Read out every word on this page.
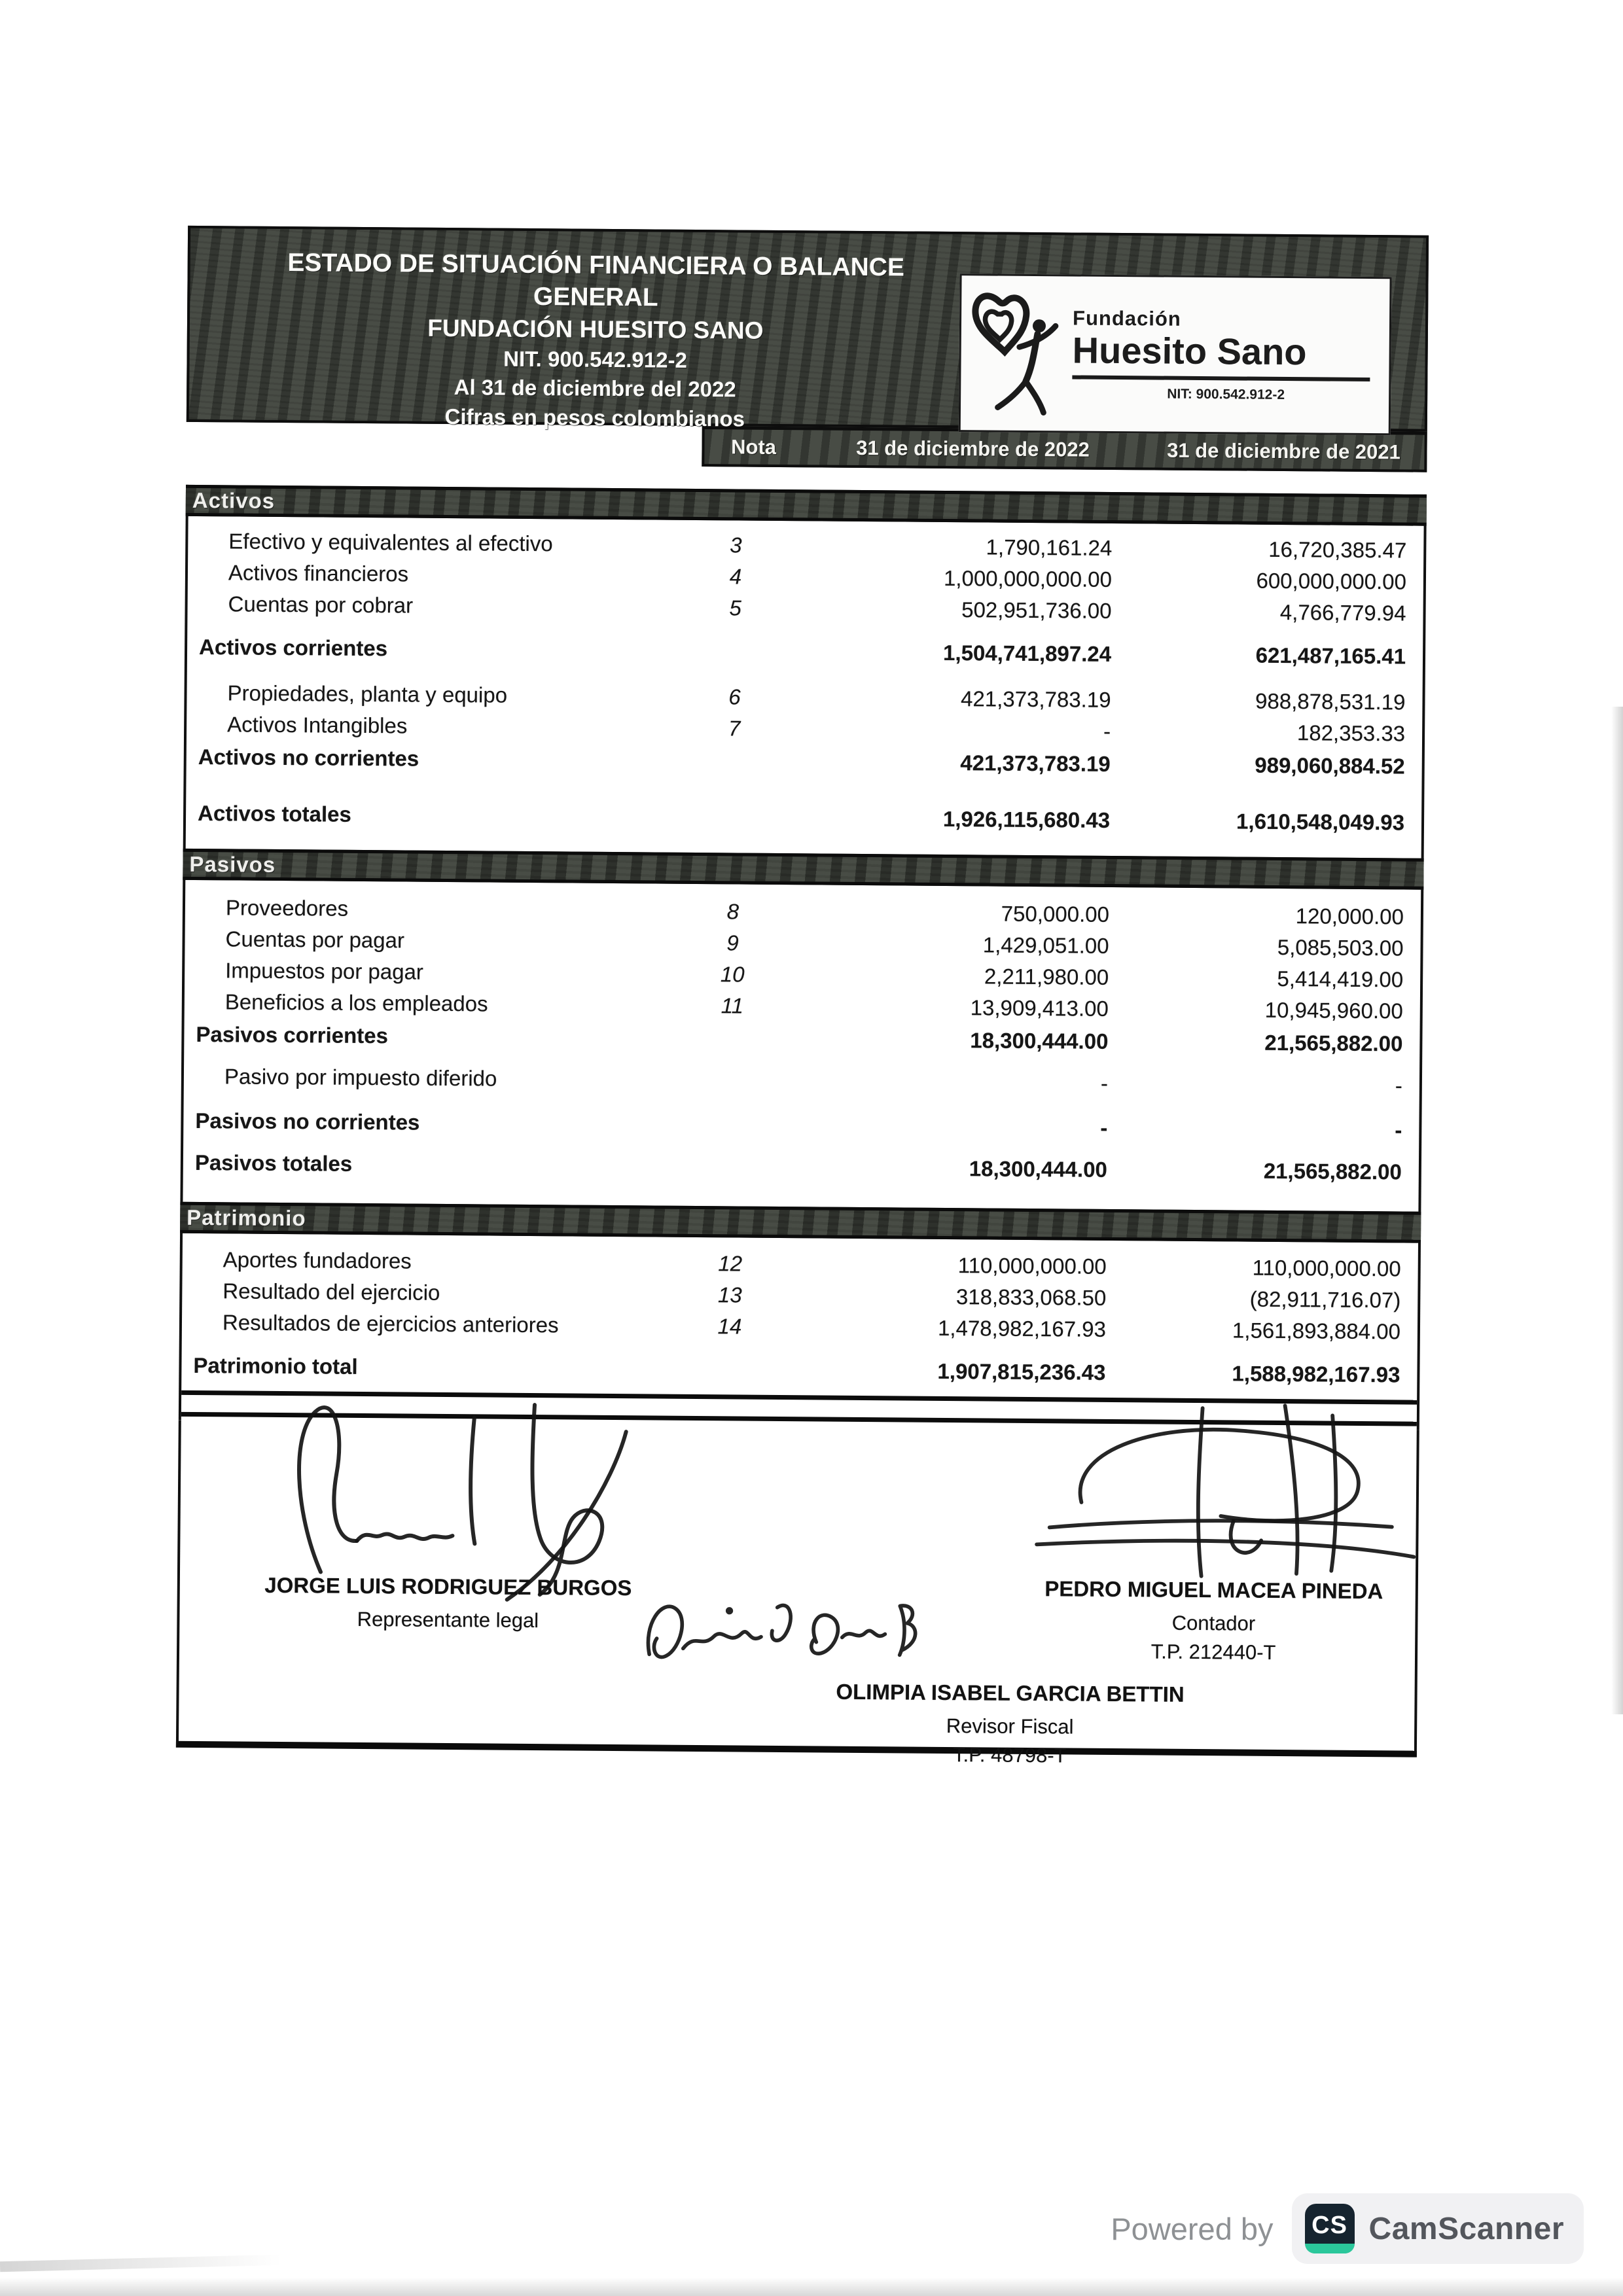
ESTADO DE SITUACIÓN FINANCIERA O BALANCE GENERAL
FUNDACIÓN HUESITO SANO
NIT. 900.542.912-2
Al 31 de diciembre del 2022
Cifras en pesos colombianos
Fundación
Huesito Sano
NIT: 900.542.912-2
Nota	31 de diciembre de 2022	31 de diciembre de 2021
Activos
Efectivo y equivalentes al efectivo	3	1,790,161.24	16,720,385.47
Activos financieros	4	1,000,000,000.00	600,000,000.00
Cuentas por cobrar	5	502,951,736.00	4,766,779.94
Activos corrientes	1,504,741,897.24	621,487,165.41
Propiedades, planta y equipo	6	421,373,783.19	988,878,531.19
Activos Intangibles	7	-	182,353.33
Activos no corrientes	421,373,783.19	989,060,884.52
Activos totales	1,926,115,680.43	1,610,548,049.93
Pasivos
Proveedores	8	750,000.00	120,000.00
Cuentas por pagar	9	1,429,051.00	5,085,503.00
Impuestos por pagar	10	2,211,980.00	5,414,419.00
Beneficios a los empleados	11	13,909,413.00	10,945,960.00
Pasivos corrientes	18,300,444.00	21,565,882.00
Pasivo por impuesto diferido	-	-
Pasivos no corrientes	-	-
Pasivos totales	18,300,444.00	21,565,882.00
Patrimonio
Aportes fundadores	12	110,000,000.00	110,000,000.00
Resultado del ejercicio	13	318,833,068.50	(82,911,716.07)
Resultados de ejercicios anteriores	14	1,478,982,167.93	1,561,893,884.00
Patrimonio total	1,907,815,236.43	1,588,982,167.93
JORGE LUIS RODRIGUEZ BURGOS
Representante legal
PEDRO MIGUEL MACEA PINEDA
Contador
T.P. 212440-T
OLIMPIA ISABEL GARCIA BETTIN
Revisor Fiscal
T.P. 48798-T
Powered by CS CamScanner
